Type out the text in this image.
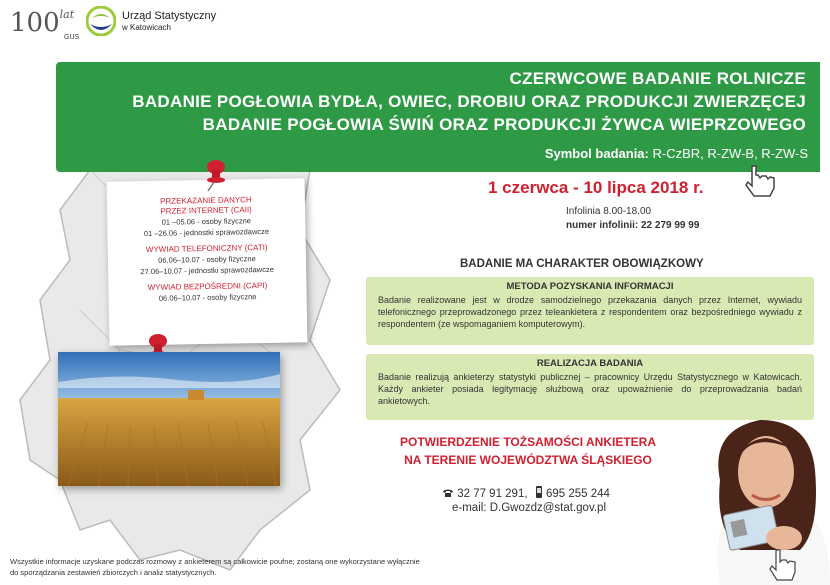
$100^{lat}$
GUS
Urząd Statystyczny
w Katowicach
CZERWCOWE BADANIE ROLNICZE
BADANIE POGŁOWIA BYDŁA, OWIEC, DROBIU ORAZ PRODUKCJI ZWIERZĘCEJ
BADANIE POGŁOWIA ŚWIŃ ORAZ PRODUKCJI ŻYWCA WIEPRZOWEGO
Symbol badania: R-CzBR, R-ZW-B, R-ZW-S
PRZEKAZANIE DANYCH
PRZEZ INTERNET (CAII)
01 –05.06 - osoby fizyczne
01 –26.06 - jednostki sprawozdawcze
WYWIAD TELEFONICZNY (CATI)
06.06–10.07 - osoby fizyczne
27.06–10.07 - jednostki sprawozdawcze
WYWIAD BEZPOŚREDNI (CAPI)
06.06–10.07 - osoby fizyczne
1 czerwca - 10 lipca 2018 r.
Infolinia 8.00-18.00
numer infolinii: 22 279 99 99
BADANIE MA CHARAKTER OBOWIĄZKOWY
METODA POZYSKANIA INFORMACJI
Badanie realizowane jest w drodze samodzielnego przekazania danych przez Internet, wywiadu telefonicznego przeprowadzonego przez teleankietera z respondentem oraz bezpośredniego wywiadu z respondentem (ze wspomaganiem komputerowym).
REALIZACJA BADANIA
Badanie realizują ankieterzy statystyki publicznej – pracownicy Urzędu Statystycznego w Katowicach. Każdy ankieter posiada legitymację służbową oraz upoważnienie do przeprowadzania badań ankietowych.
POTWIERDZENIE TOŻSAMOŚCI ANKIETERA
NA TERENIE WOJEWÓDZTWA ŚLĄSKIEGO
32 77 91 291, 695 255 244
e-mail: D.Gwozdz@stat.gov.pl
Wszystkie informacje uzyskane podczas rozmowy z ankieterem są całkowicie poufne; zostaną one wykorzystane wyłącznie
do sporządzania zestawień zbiorczych i analiz statystycznych.
